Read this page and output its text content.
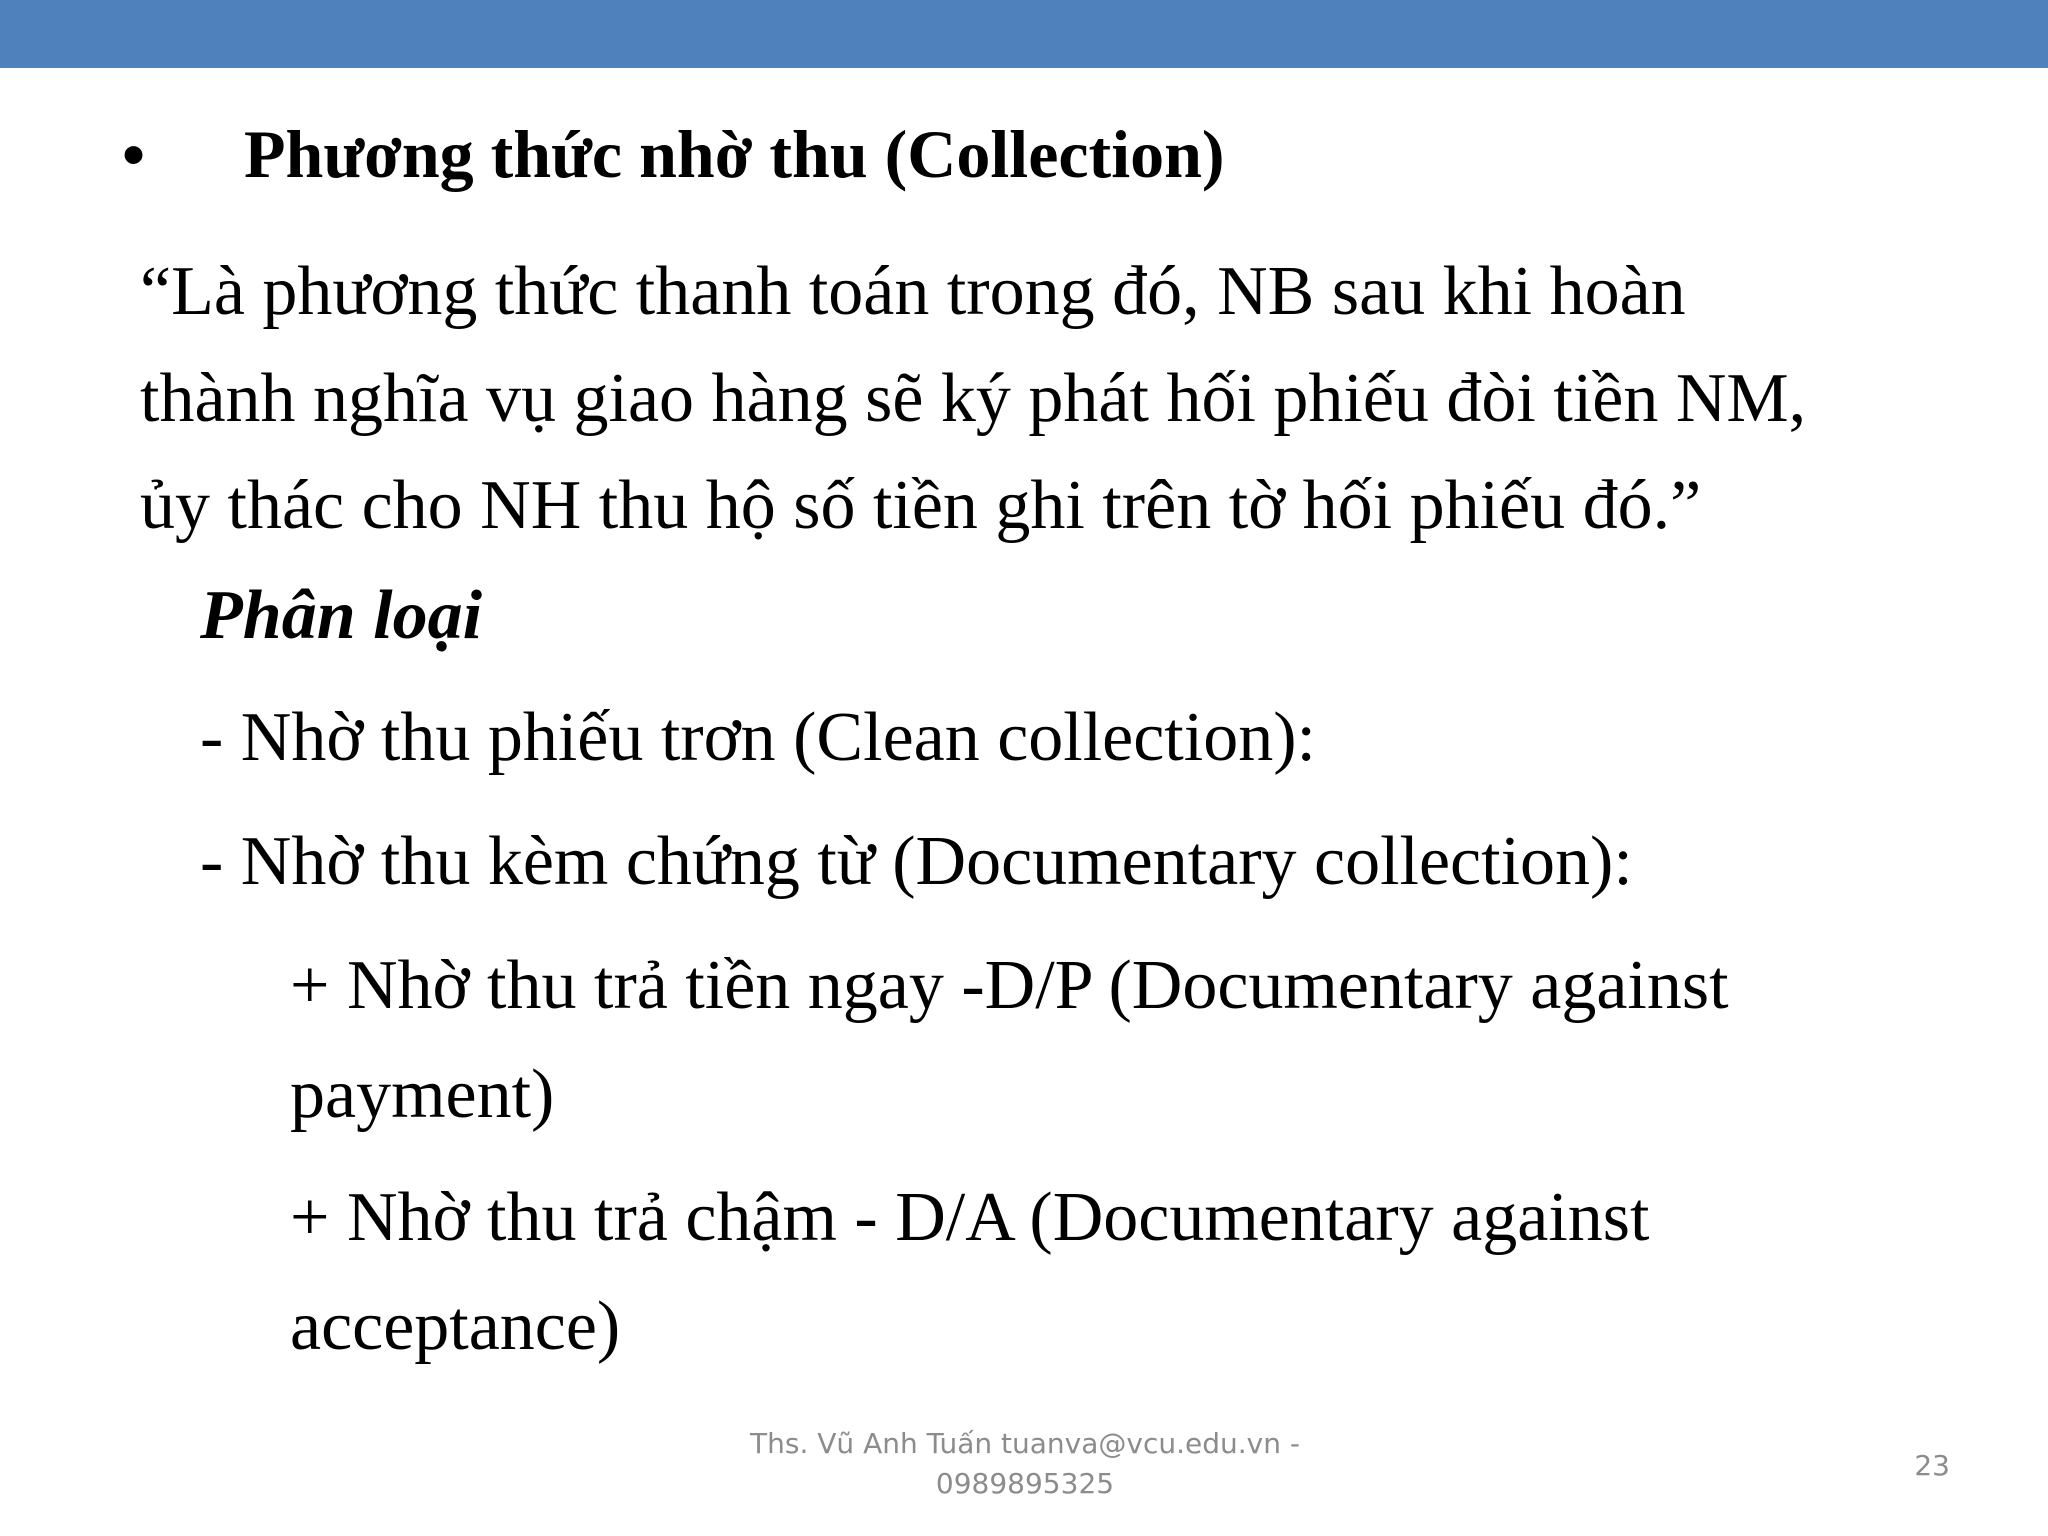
• Phương thức nhờ thu (Collection)
“Là phương thức thanh toán trong đó, NB sau khi hoàn
thành nghĩa vụ giao hàng sẽ ký phát hối phiếu đòi tiền NM,
ủy thác cho NH thu hộ số tiền ghi trên tờ hối phiếu đó.”
Phân loại
- Nhờ thu phiếu trơn (Clean collection):
- Nhờ thu kèm chứng từ (Documentary collection):
+ Nhờ thu trả tiền ngay -D/P (Documentary against
payment)
+ Nhờ thu trả chậm - D/A (Documentary against
acceptance)
Ths. Vũ Anh Tuấn tuanva@vcu.edu.vn - 0989895325
23
